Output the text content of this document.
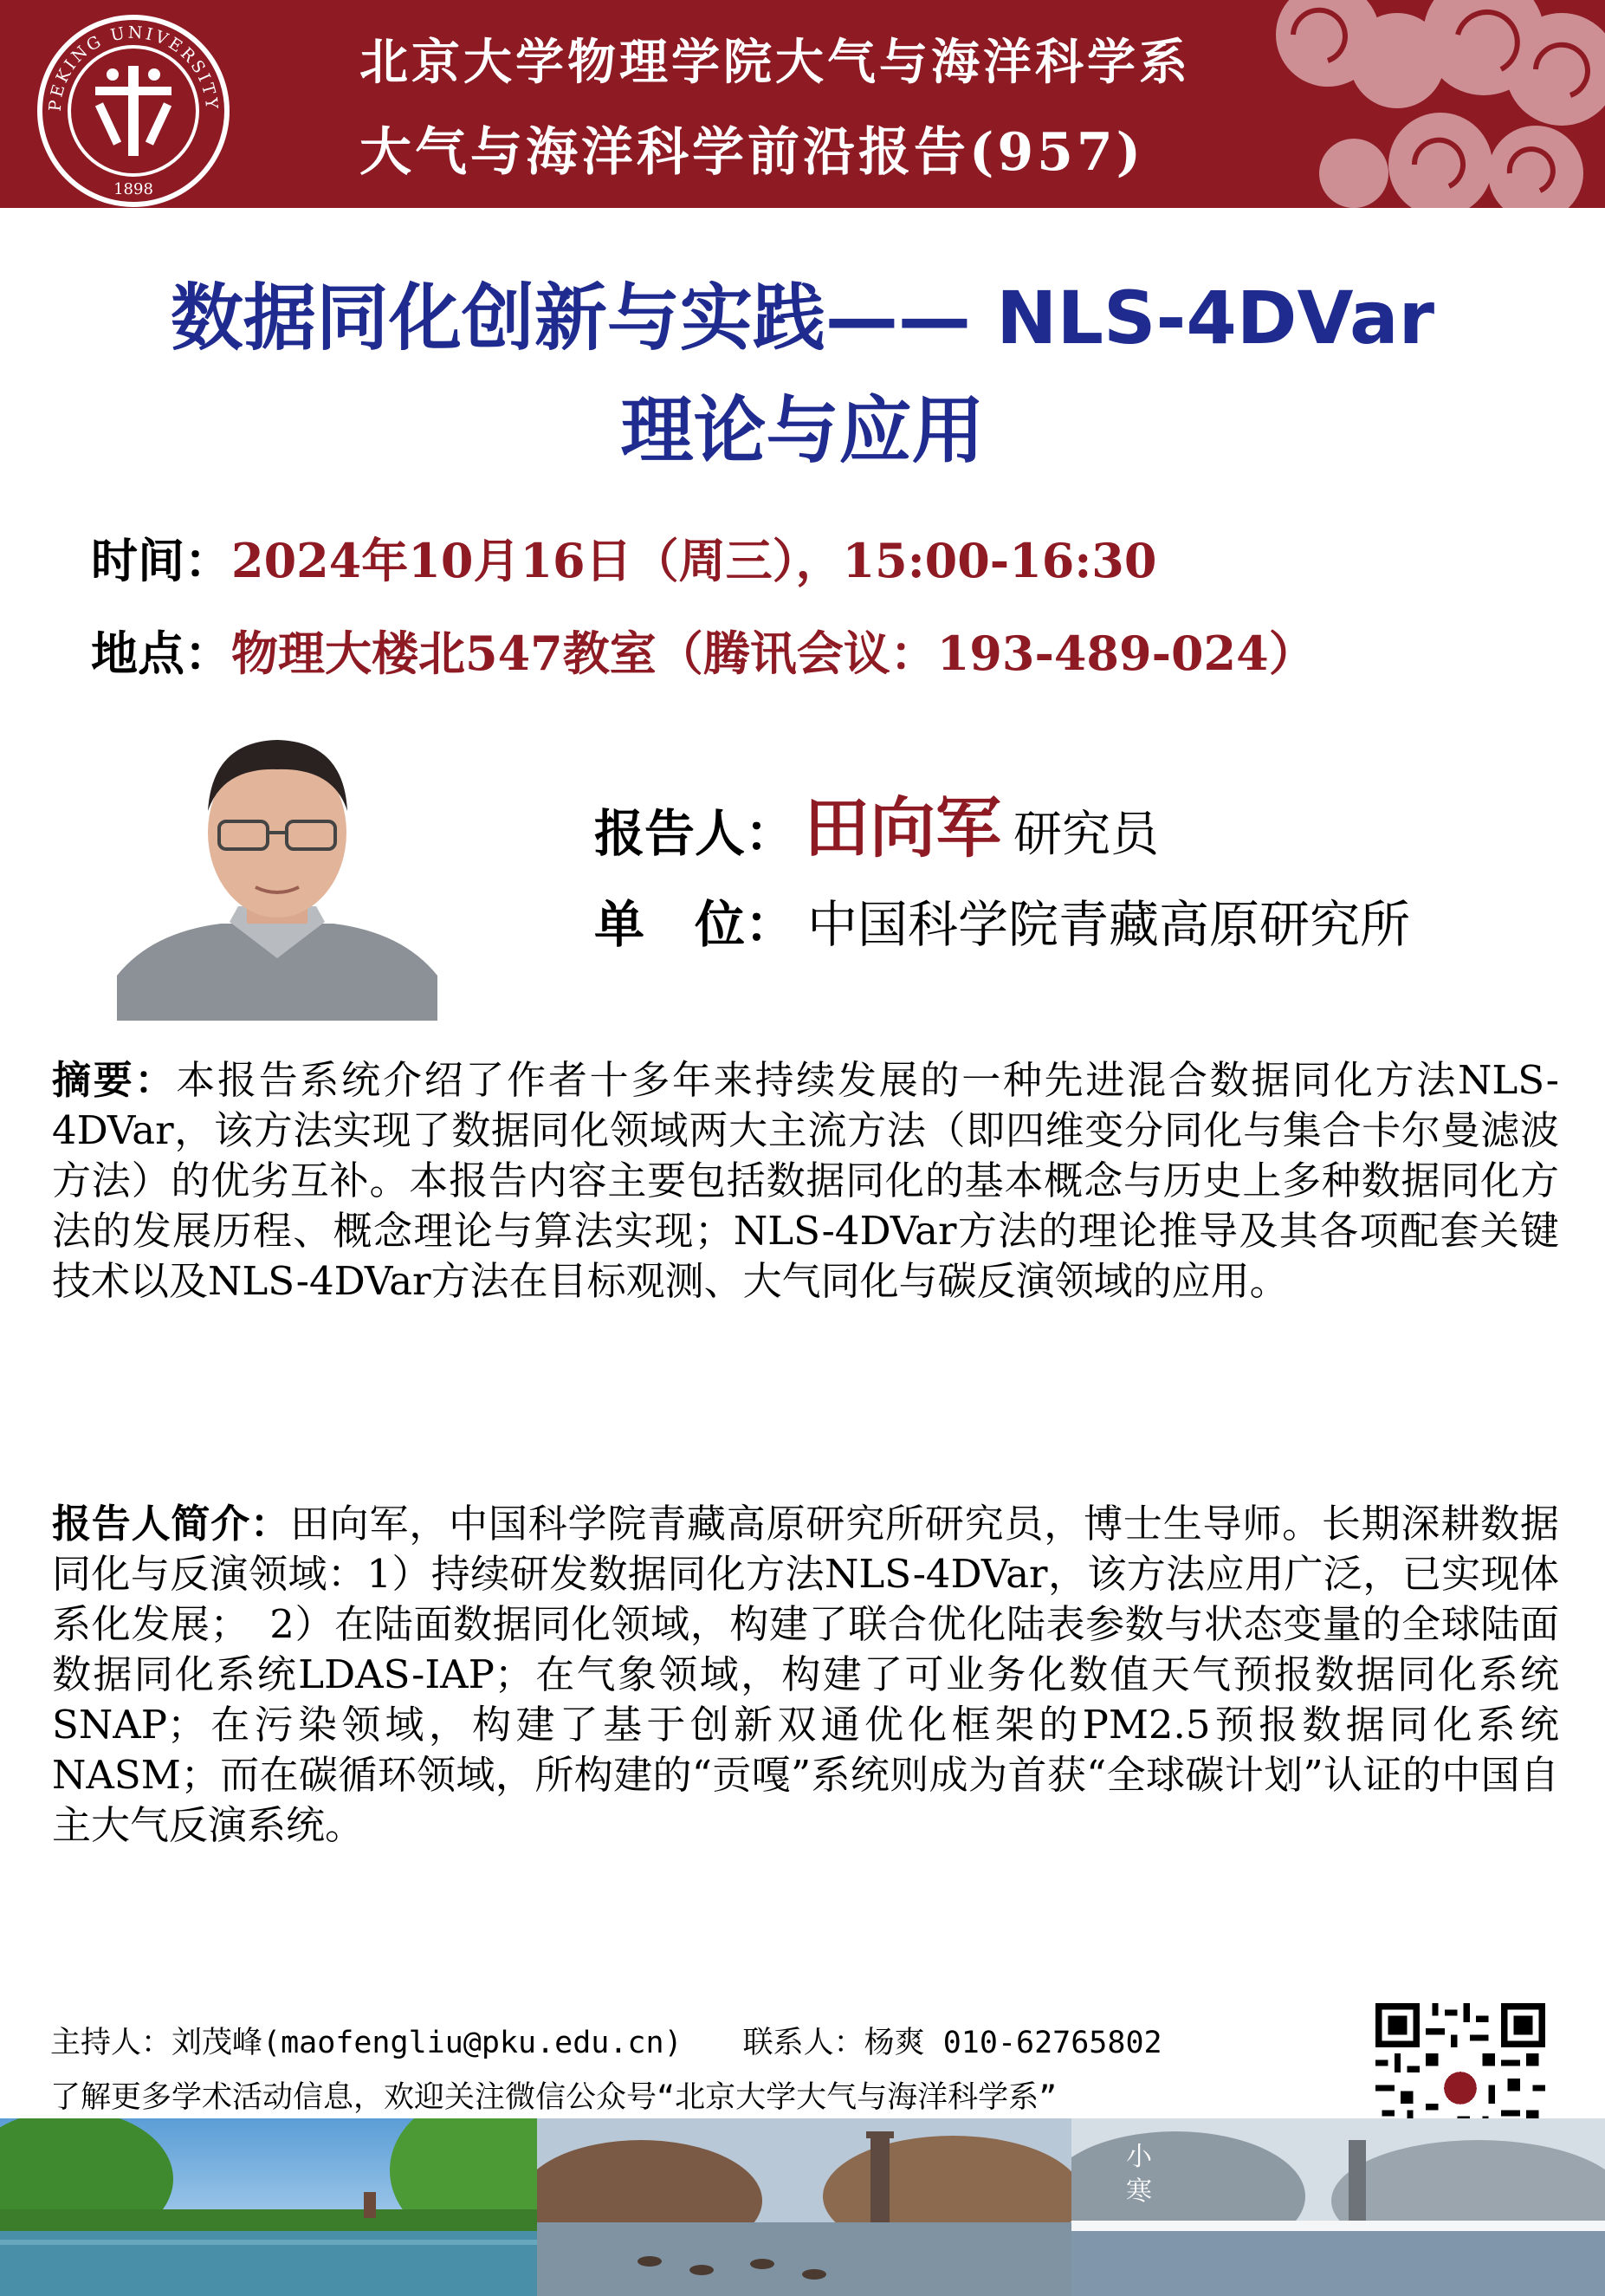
PEKING UNIVERSITY
1898
北京大学物理学院大气与海洋科学系
大气与海洋科学前沿报告(957)
数据同化创新与实践—— NLS-4DVar
理论与应用
时间：2024年10月16日（周三），15:00-16:30
地点：物理大楼北547教室（腾讯会议：193-489-024）
报告人： 田向军 研究员
单　位： 中国科学院青藏高原研究所
摘要：本报告系统介绍了作者十多年来持续发展的一种先进混合数据同化方法NLS-4DVar，该方法实现了数据同化领域两大主流方法（即四维变分同化与集合卡尔曼滤波方法）的优劣互补。本报告内容主要包括数据同化的基本概念与历史上多种数据同化方法的发展历程、概念理论与算法实现；NLS-4DVar方法的理论推导及其各项配套关键技术以及NLS-4DVar方法在目标观测、大气同化与碳反演领域的应用。
报告人简介：田向军，中国科学院青藏高原研究所研究员，博士生导师。长期深耕数据同化与反演领域：1）持续研发数据同化方法NLS-4DVar，该方法应用广泛，已实现体系化发展；　2）在陆面数据同化领域，构建了联合优化陆表参数与状态变量的全球陆面数据同化系统LDAS-IAP；在气象领域，构建了可业务化数值天气预报数据同化系统SNAP；在污染领域，构建了基于创新双通优化框架的PM2.5预报数据同化系统NASM；而在碳循环领域，所构建的“贡嘎”系统则成为首获“全球碳计划”认证的中国自主大气反演系统。
主持人：刘茂峰(maofengliu@pku.edu.cn) 联系人：杨爽 010-62765802
了解更多学术活动信息，欢迎关注微信公众号“北京大学大气与海洋科学系”
小寒
